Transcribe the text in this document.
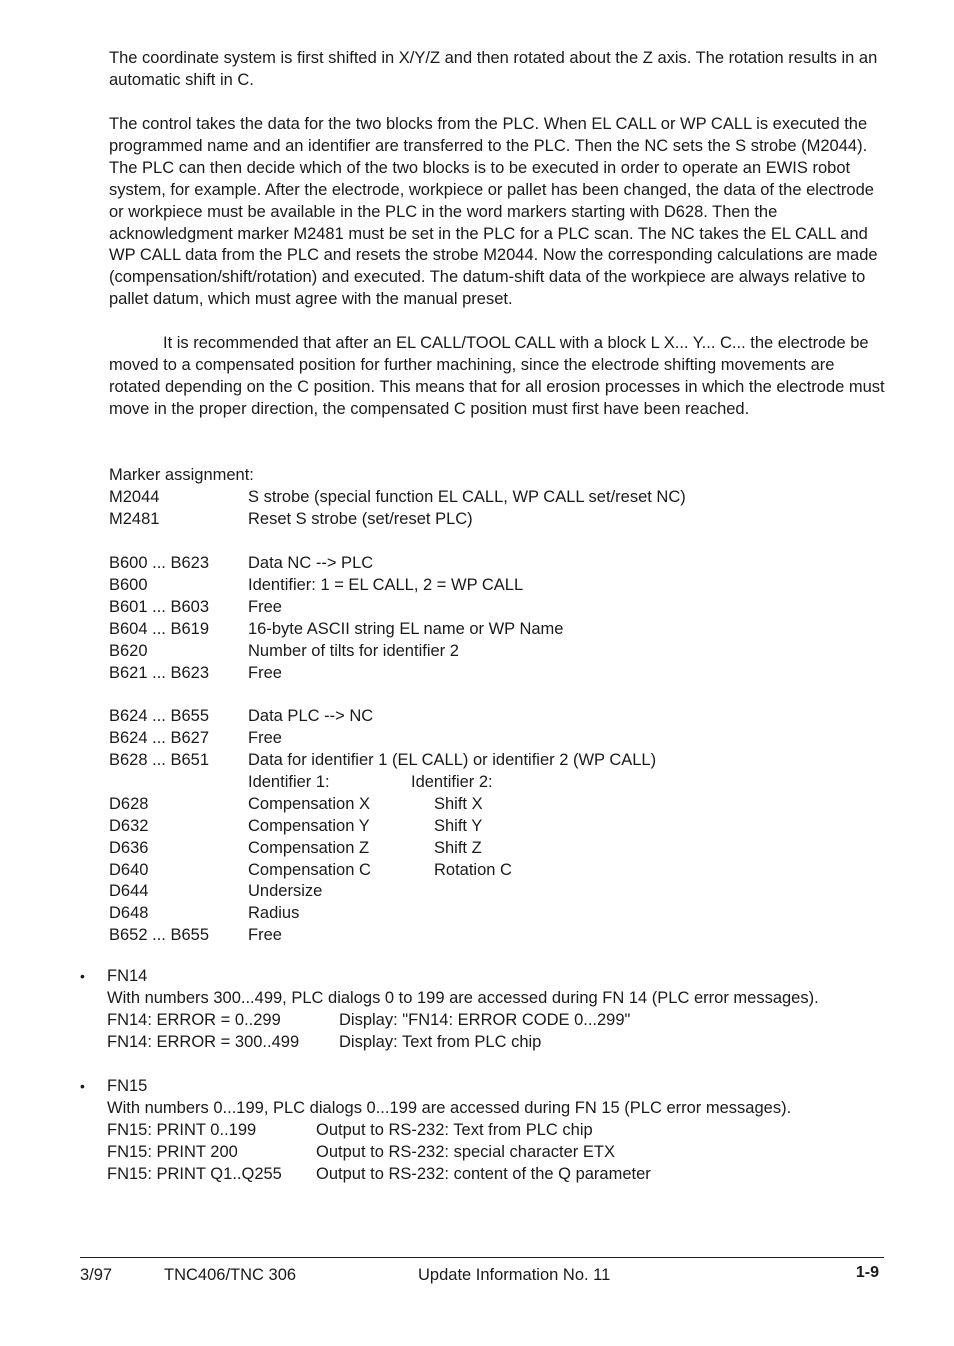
The coordinate system is first shifted in X/Y/Z and then rotated about the Z axis. The rotation results in an automatic shift in C.

The control takes the data for the two blocks from the PLC. When EL CALL or WP CALL is executed the programmed name and an identifier are transferred to the PLC. Then the NC sets the S strobe (M2044). The PLC can then decide which of the two blocks is to be executed in order to operate an EWIS robot system, for example. After the electrode, workpiece or pallet has been changed, the data of the electrode or workpiece must be available in the PLC in the word markers starting with D628. Then the acknowledgment marker M2481 must be set in the PLC for a PLC scan. The NC takes the EL CALL and WP CALL data from the PLC and resets the strobe M2044. Now the corresponding calculations are made (compensation/shift/rotation) and executed. The datum-shift data of the workpiece are always relative to pallet datum, which must agree with the manual preset.

It is recommended that after an EL CALL/TOOL CALL with a block L X... Y... C... the electrode be moved to a compensated position for further machining, since the electrode shifting movements are rotated depending on the C position. This means that for all erosion processes in which the electrode must move in the proper direction, the compensated C position must first have been reached.

Marker assignment:
M2044	S strobe (special function EL CALL, WP CALL set/reset NC)
M2481	Reset S strobe (set/reset PLC)
B600 ... B623 Data NC --> PLC
B600	Identifier: 1 = EL CALL, 2 = WP CALL
B601 ... B603 Free
B604 ... B619 16-byte ASCII string EL name or WP Name
B620	Number of tilts for identifier 2
B621 ... B623 Free
B624 ... B655 Data PLC --> NC
B624 ... B627 Free
B628 ... B651 Data for identifier 1 (EL CALL) or identifier 2 (WP CALL)
Identifier 1:	Identifier 2:
D628	Compensation X	Shift X
D632	Compensation Y	Shift Y
D636	Compensation Z	Shift Z
D640	Compensation C	Rotation C
D644	Undersize
D648	Radius
B652 ... B655 Free
• FN14
With numbers 300...499, PLC dialogs 0 to 199 are accessed during FN 14 (PLC error messages).
FN14: ERROR = 0..299	Display: "FN14: ERROR CODE 0...299"
FN14: ERROR = 300..499 Display: Text from PLC chip
• FN15
With numbers 0...199, PLC dialogs 0...199 are accessed during FN 15 (PLC error messages).
FN15: PRINT 0..199	Output to RS-232: Text from PLC chip
FN15: PRINT 200	Output to RS-232: special character ETX
FN15: PRINT Q1..Q255 Output to RS-232: content of the Q parameter
3/97	TNC406/TNC 306	Update Information No. 11	1-9
